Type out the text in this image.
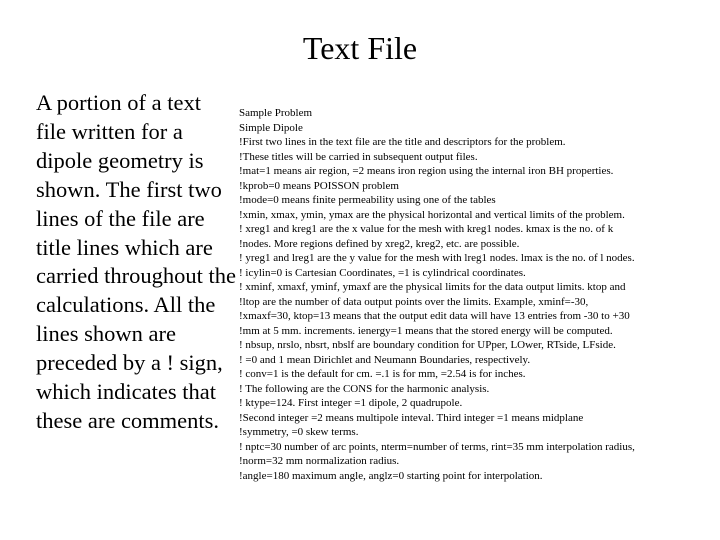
Text File

A portion of a text file written for a dipole geometry is shown. The first two lines of the file are title lines which are carried throughout the calculations. All the lines shown are preceded by a ! sign, which indicates that these are comments.

Sample Problem
Simple Dipole
!First two lines in the text file are the title and descriptors for the problem.
!These titles will be carried in subsequent output files.
!mat=1 means air region, =2 means iron region using the internal iron BH properties.
!kprob=0 means POISSON problem
!mode=0 means finite permeability using one of the tables
!xmin, xmax, ymin, ymax are the physical horizontal and vertical limits of the problem.
! xreg1 and kreg1 are the x value for the mesh with kreg1 nodes. kmax is the no. of k
!nodes. More regions defined by xreg2, kreg2, etc. are possible.
! yreg1 and lreg1 are the y value for the mesh with lreg1 nodes. lmax is the no. of l nodes.
! icylin=0 is Cartesian Coordinates, =1 is cylindrical coordinates.
! xminf, xmaxf, yminf, ymaxf are the physical limits for the data output limits. ktop and
!ltop are the number of data output points over the limits. Example, xminf=-30,
!xmaxf=30, ktop=13 means that the output edit data will have 13 entries from -30 to +30
!mm at 5 mm. increments. ienergy=1 means that the stored energy will be computed.
! nbsup, nrslo, nbsrt, nbslf are boundary condition for UPper, LOwer, RTside, LFside.
! =0 and 1 mean Dirichlet and Neumann Boundaries, respectively.
! conv=1 is the default for cm. =.1 is for mm, =2.54 is for inches.
! The following are the CONS for the harmonic analysis.
! ktype=124. First integer =1 dipole, 2 quadrupole.
!Second integer =2 means multipole inteval. Third integer =1 means midplane
!symmetry, =0 skew terms.
! nptc=30 number of arc points, nterm=number of terms, rint=35 mm interpolation radius,
!norm=32 mm normalization radius.
!angle=180 maximum angle, anglz=0 starting point for interpolation.
